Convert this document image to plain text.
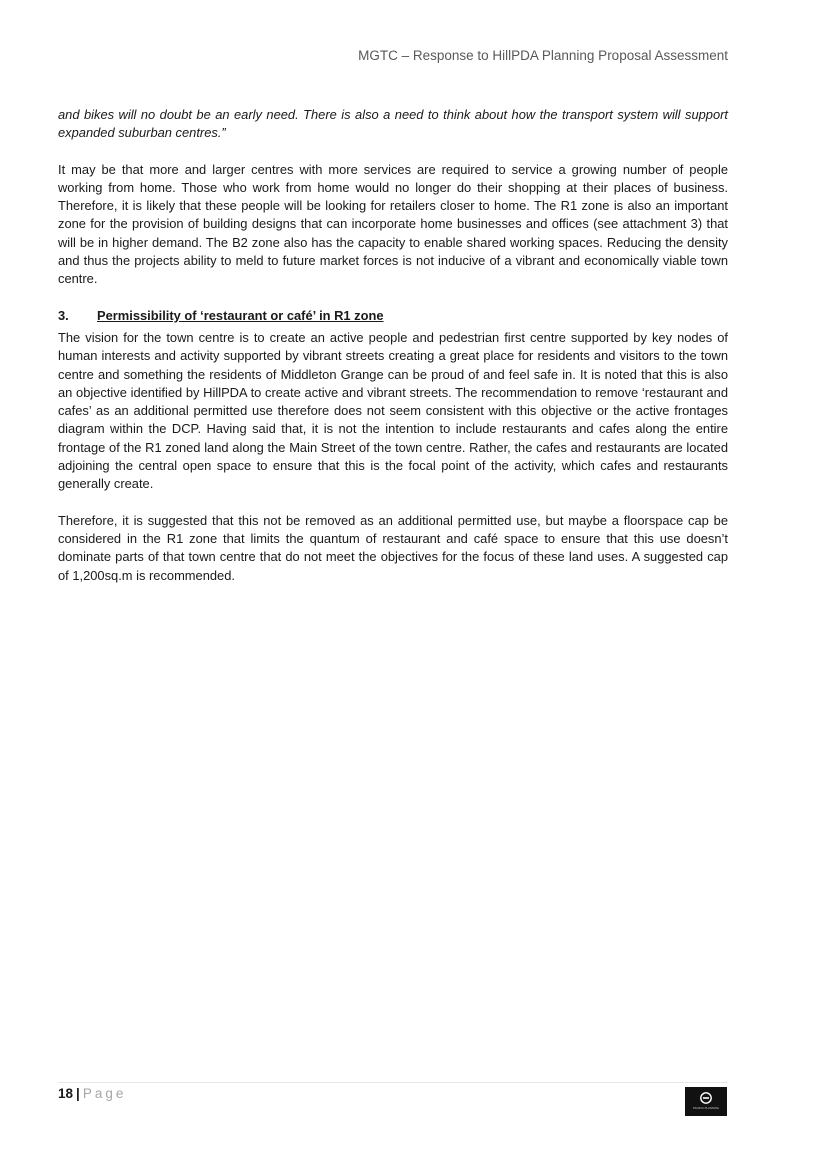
MGTC – Response to HillPDA Planning Proposal Assessment

and bikes will no doubt be an early need. There is also a need to think about how the transport system will support expanded suburban centres.”

It may be that more and larger centres with more services are required to service a growing number of people working from home. Those who work from home would no longer do their shopping at their places of business. Therefore, it is likely that these people will be looking for retailers closer to home. The R1 zone is also an important zone for the provision of building designs that can incorporate home businesses and offices (see attachment 3) that will be in higher demand. The B2 zone also has the capacity to enable shared working spaces. Reducing the density and thus the projects ability to meld to future market forces is not inducive of a vibrant and economically viable town centre.

3.	Permissibility of ‘restaurant or café’ in R1 zone

The vision for the town centre is to create an active people and pedestrian first centre supported by key nodes of human interests and activity supported by vibrant streets creating a great place for residents and visitors to the town centre and something the residents of Middleton Grange can be proud of and feel safe in. It is noted that this is also an objective identified by HillPDA to create active and vibrant streets. The recommendation to remove ‘restaurant and cafes’ as an additional permitted use therefore does not seem consistent with this objective or the active frontages diagram within the DCP. Having said that, it is not the intention to include restaurants and cafes along the entire frontage of the R1 zoned land along the Main Street of the town centre. Rather, the cafes and restaurants are located adjoining the central open space to ensure that this is the focal point of the activity, which cafes and restaurants generally create.

Therefore, it is suggested that this not be removed as an additional permitted use, but maybe a floorspace cap be considered in the R1 zone that limits the quantum of restaurant and café space to ensure that this use doesn’t dominate parts of that town centre that do not meet the objectives for the focus of these land uses. A suggested cap of 1,200sq.m is recommended.

18 | Page
PACIFIC PLANNING
